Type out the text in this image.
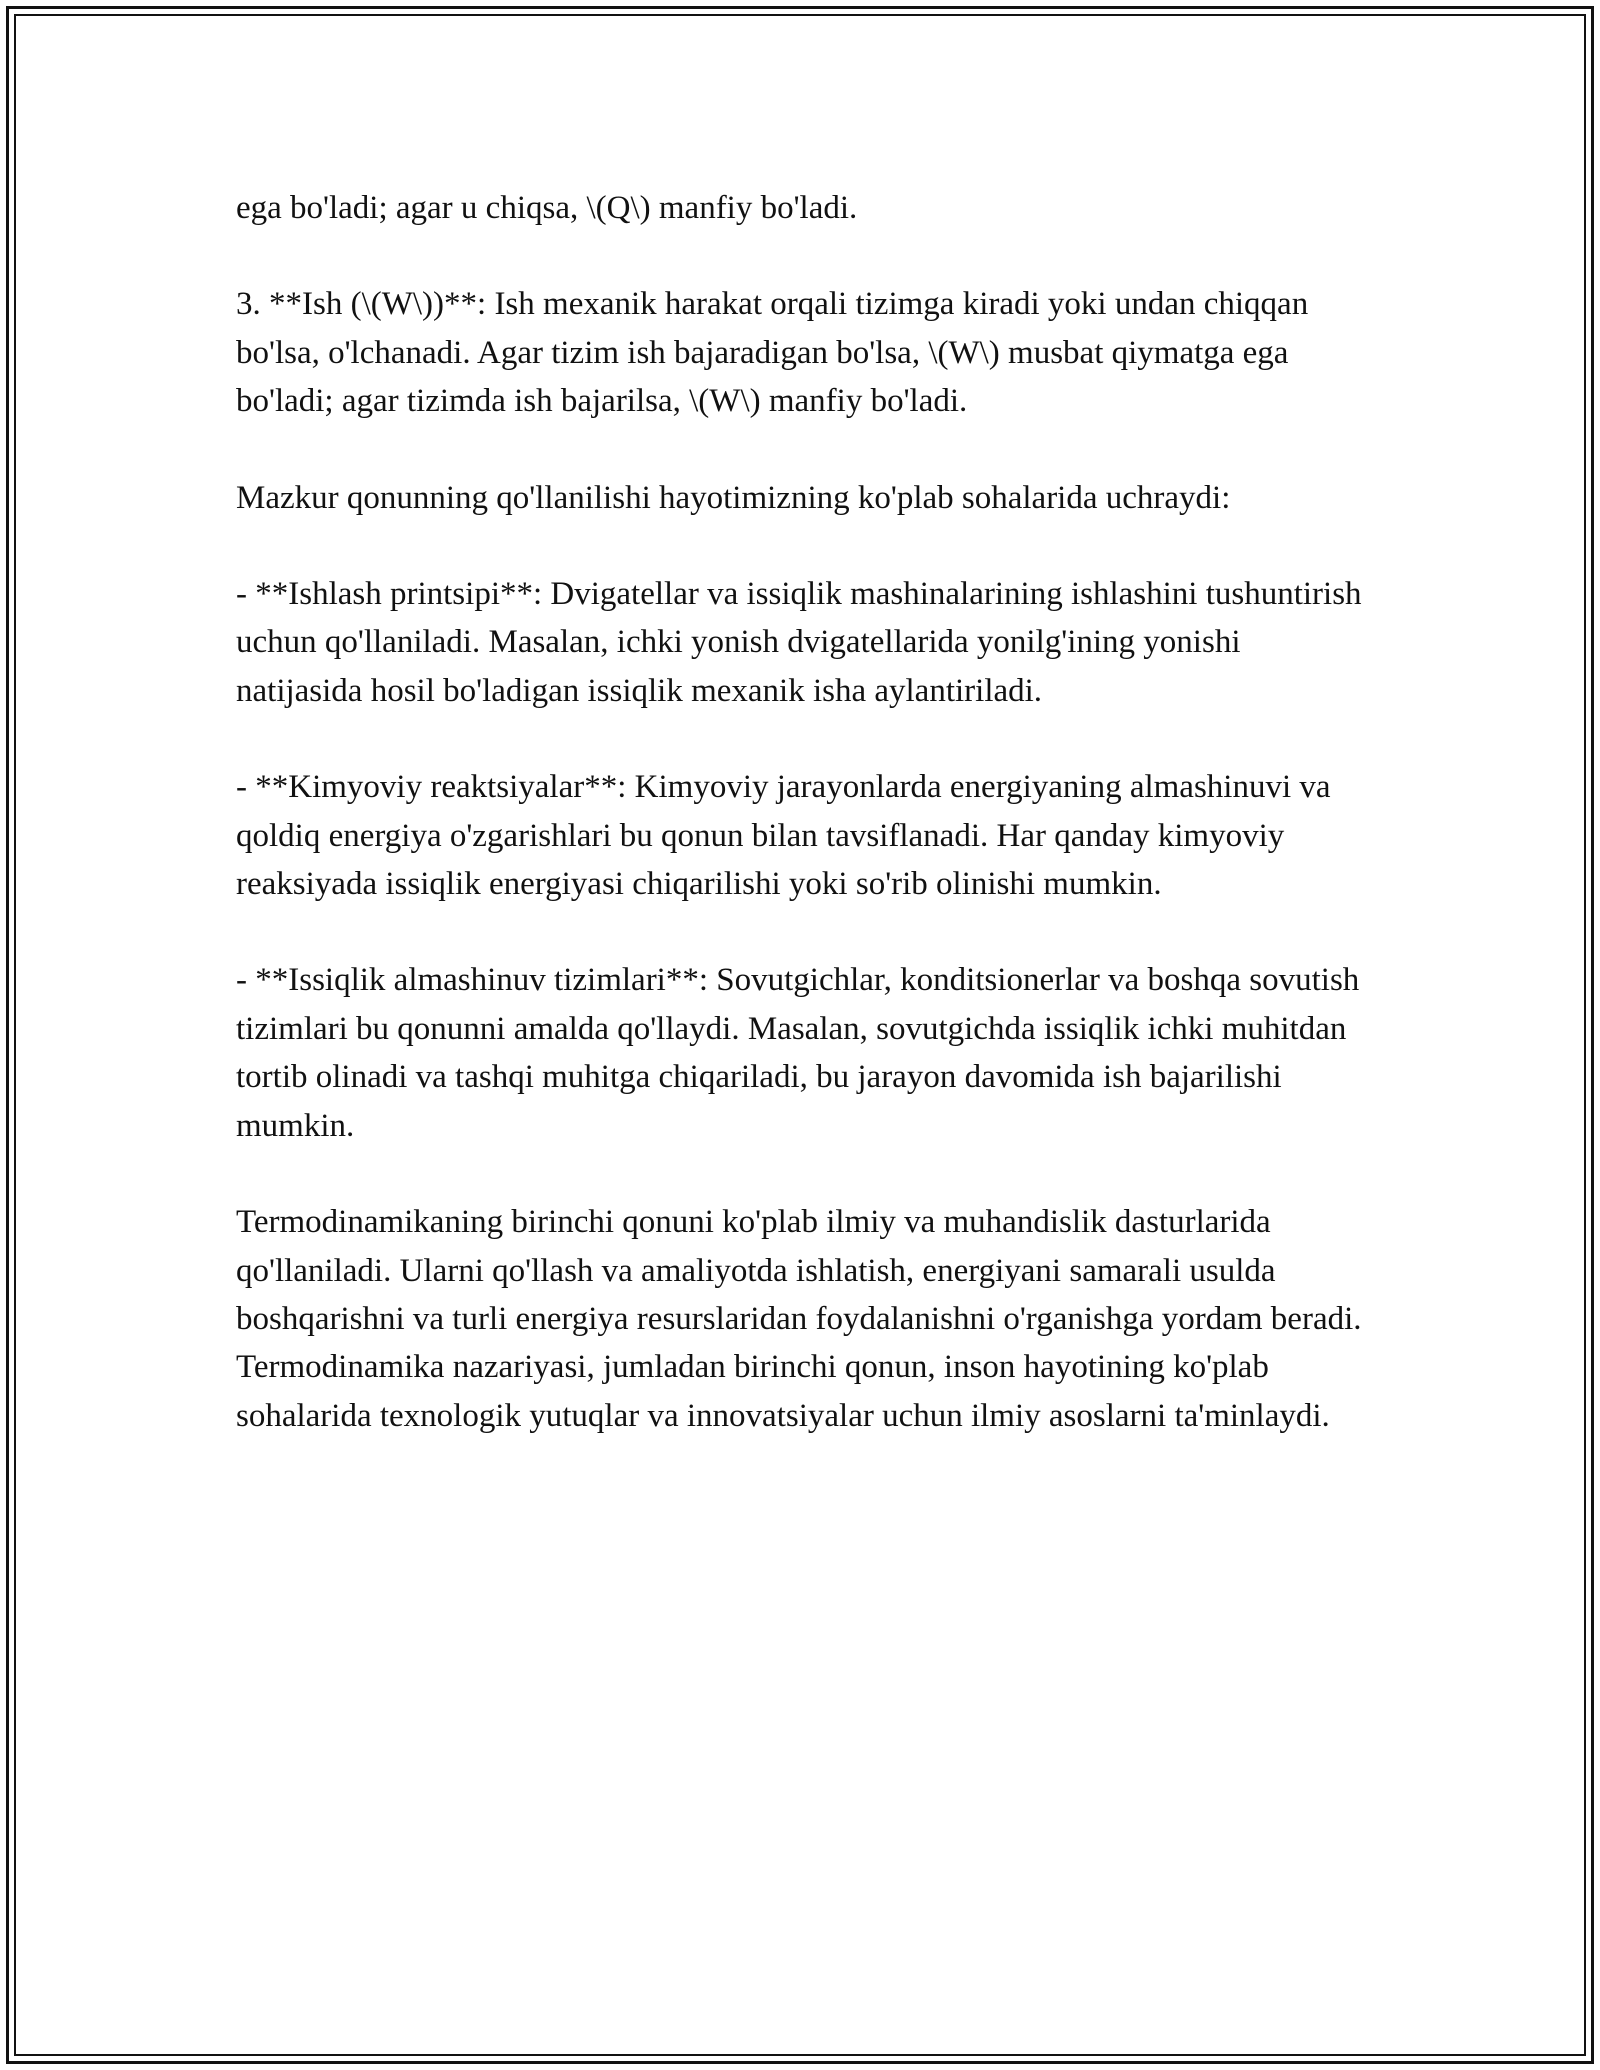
ega bo'ladi; agar u chiqsa, \(Q\) manfiy bo'ladi.

3. **Ish (\(W\))**: Ish mexanik harakat orqali tizimga kiradi yoki undan chiqqan bo'lsa, o'lchanadi. Agar tizim ish bajaradigan bo'lsa, \(W\) musbat qiymatga ega bo'ladi; agar tizimda ish bajarilsa, \(W\) manfiy bo'ladi.

Mazkur qonunning qo'llanilishi hayotimizning ko'plab sohalarida uchraydi:

- **Ishlash printsipi**: Dvigatellar va issiqlik mashinalarining ishlashini tushuntirish uchun qo'llaniladi. Masalan, ichki yonish dvigatellarida yonilg'ining yonishi natijasida hosil bo'ladigan issiqlik mexanik isha aylantiriladi.

- **Kimyoviy reaktsiyalar**: Kimyoviy jarayonlarda energiyaning almashinuvi va qoldiq energiya o'zgarishlari bu qonun bilan tavsiflanadi. Har qanday kimyoviy reaksiyada issiqlik energiyasi chiqarilishi yoki so'rib olinishi mumkin.

- **Issiqlik almashinuv tizimlari**: Sovutgichlar, konditsionerlar va boshqa sovutish tizimlari bu qonunni amalda qo'llaydi. Masalan, sovutgichda issiqlik ichki muhitdan tortib olinadi va tashqi muhitga chiqariladi, bu jarayon davomida ish bajarilishi mumkin.

Termodinamikaning birinchi qonuni ko'plab ilmiy va muhandislik dasturlarida qo'llaniladi. Ularni qo'llash va amaliyotda ishlatish, energiyani samarali usulda boshqarishni va turli energiya resurslaridan foydalanishni o'rganishga yordam beradi. Termodinamika nazariyasi, jumladan birinchi qonun, inson hayotining ko'plab sohalarida texnologik yutuqlar va innovatsiyalar uchun ilmiy asoslarni ta'minlaydi.
